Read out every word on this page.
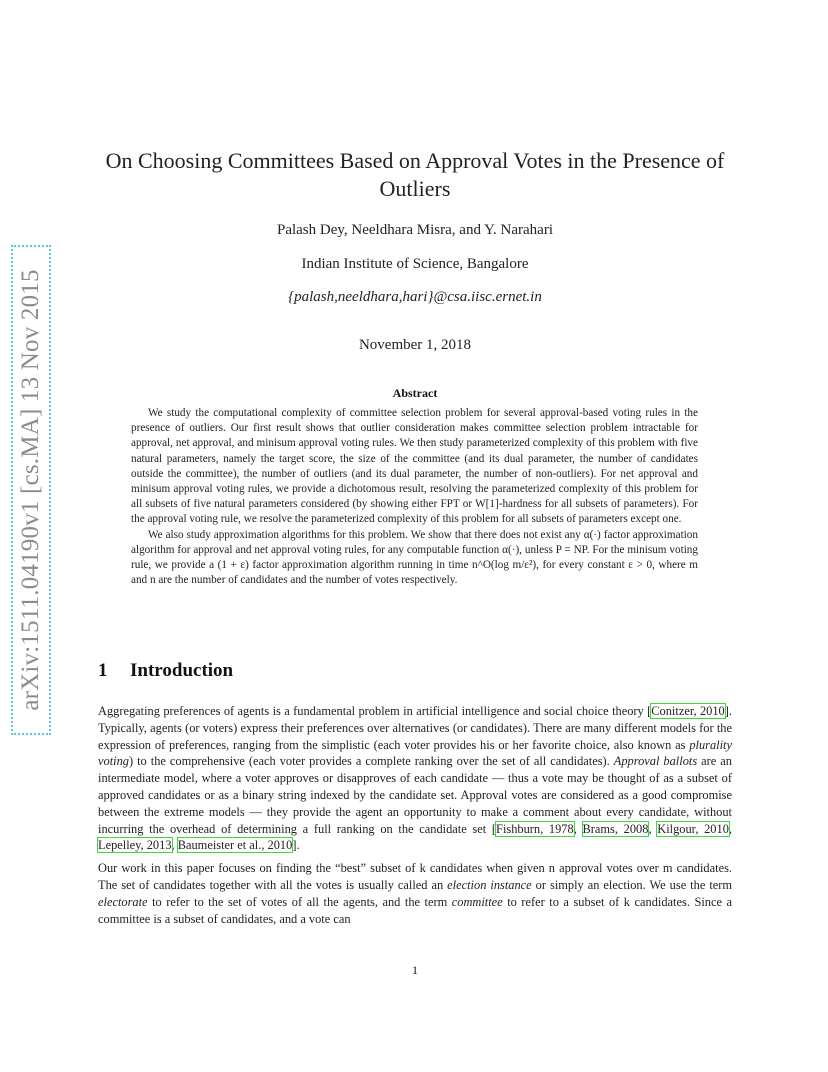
arXiv:1511.04190v1 [cs.MA] 13 Nov 2015
On Choosing Committees Based on Approval Votes in the Presence of Outliers
Palash Dey, Neeldhara Misra, and Y. Narahari
Indian Institute of Science, Bangalore
{palash,neeldhara,hari}@csa.iisc.ernet.in
November 1, 2018
Abstract

We study the computational complexity of committee selection problem for several approval-based voting rules in the presence of outliers. Our first result shows that outlier consideration makes committee selection problem intractable for approval, net approval, and minisum approval voting rules. We then study parameterized complexity of this problem with five natural parameters, namely the target score, the size of the committee (and its dual parameter, the number of candidates outside the committee), the number of outliers (and its dual parameter, the number of non-outliers). For net approval and minisum approval voting rules, we provide a dichotomous result, resolving the parameterized complexity of this problem for all subsets of five natural parameters considered (by showing either FPT or W[1]-hardness for all subsets of parameters). For the approval voting rule, we resolve the parameterized complexity of this problem for all subsets of parameters except one.

We also study approximation algorithms for this problem. We show that there does not exist any α(·) factor approximation algorithm for approval and net approval voting rules, for any computable function α(·), unless P = NP. For the minisum voting rule, we provide a (1 + ε) factor approximation algorithm running in time n^O(log m/ε²), for every constant ε > 0, where m and n are the number of candidates and the number of votes respectively.

1 Introduction

Aggregating preferences of agents is a fundamental problem in artificial intelligence and social choice theory [Conitzer, 2010]. Typically, agents (or voters) express their preferences over alternatives (or candidates). There are many different models for the expression of preferences, ranging from the simplistic (each voter provides his or her favorite choice, also known as plurality voting) to the comprehensive (each voter provides a complete ranking over the set of all candidates). Approval ballots are an intermediate model, where a voter approves or disapproves of each candidate — thus a vote may be thought of as a subset of approved candidates or as a binary string indexed by the candidate set. Approval votes are considered as a good compromise between the extreme models — they provide the agent an opportunity to make a comment about every candidate, without incurring the overhead of determining a full ranking on the candidate set [Fishburn, 1978, Brams, 2008, Kilgour, 2010, Lepelley, 2013, Baumeister et al., 2010].

Our work in this paper focuses on finding the “best” subset of k candidates when given n approval votes over m candidates. The set of candidates together with all the votes is usually called an election instance or simply an election. We use the term electorate to refer to the set of votes of all the agents, and the term committee to refer to a subset of k candidates. Since a committee is a subset of candidates, and a vote can

1
